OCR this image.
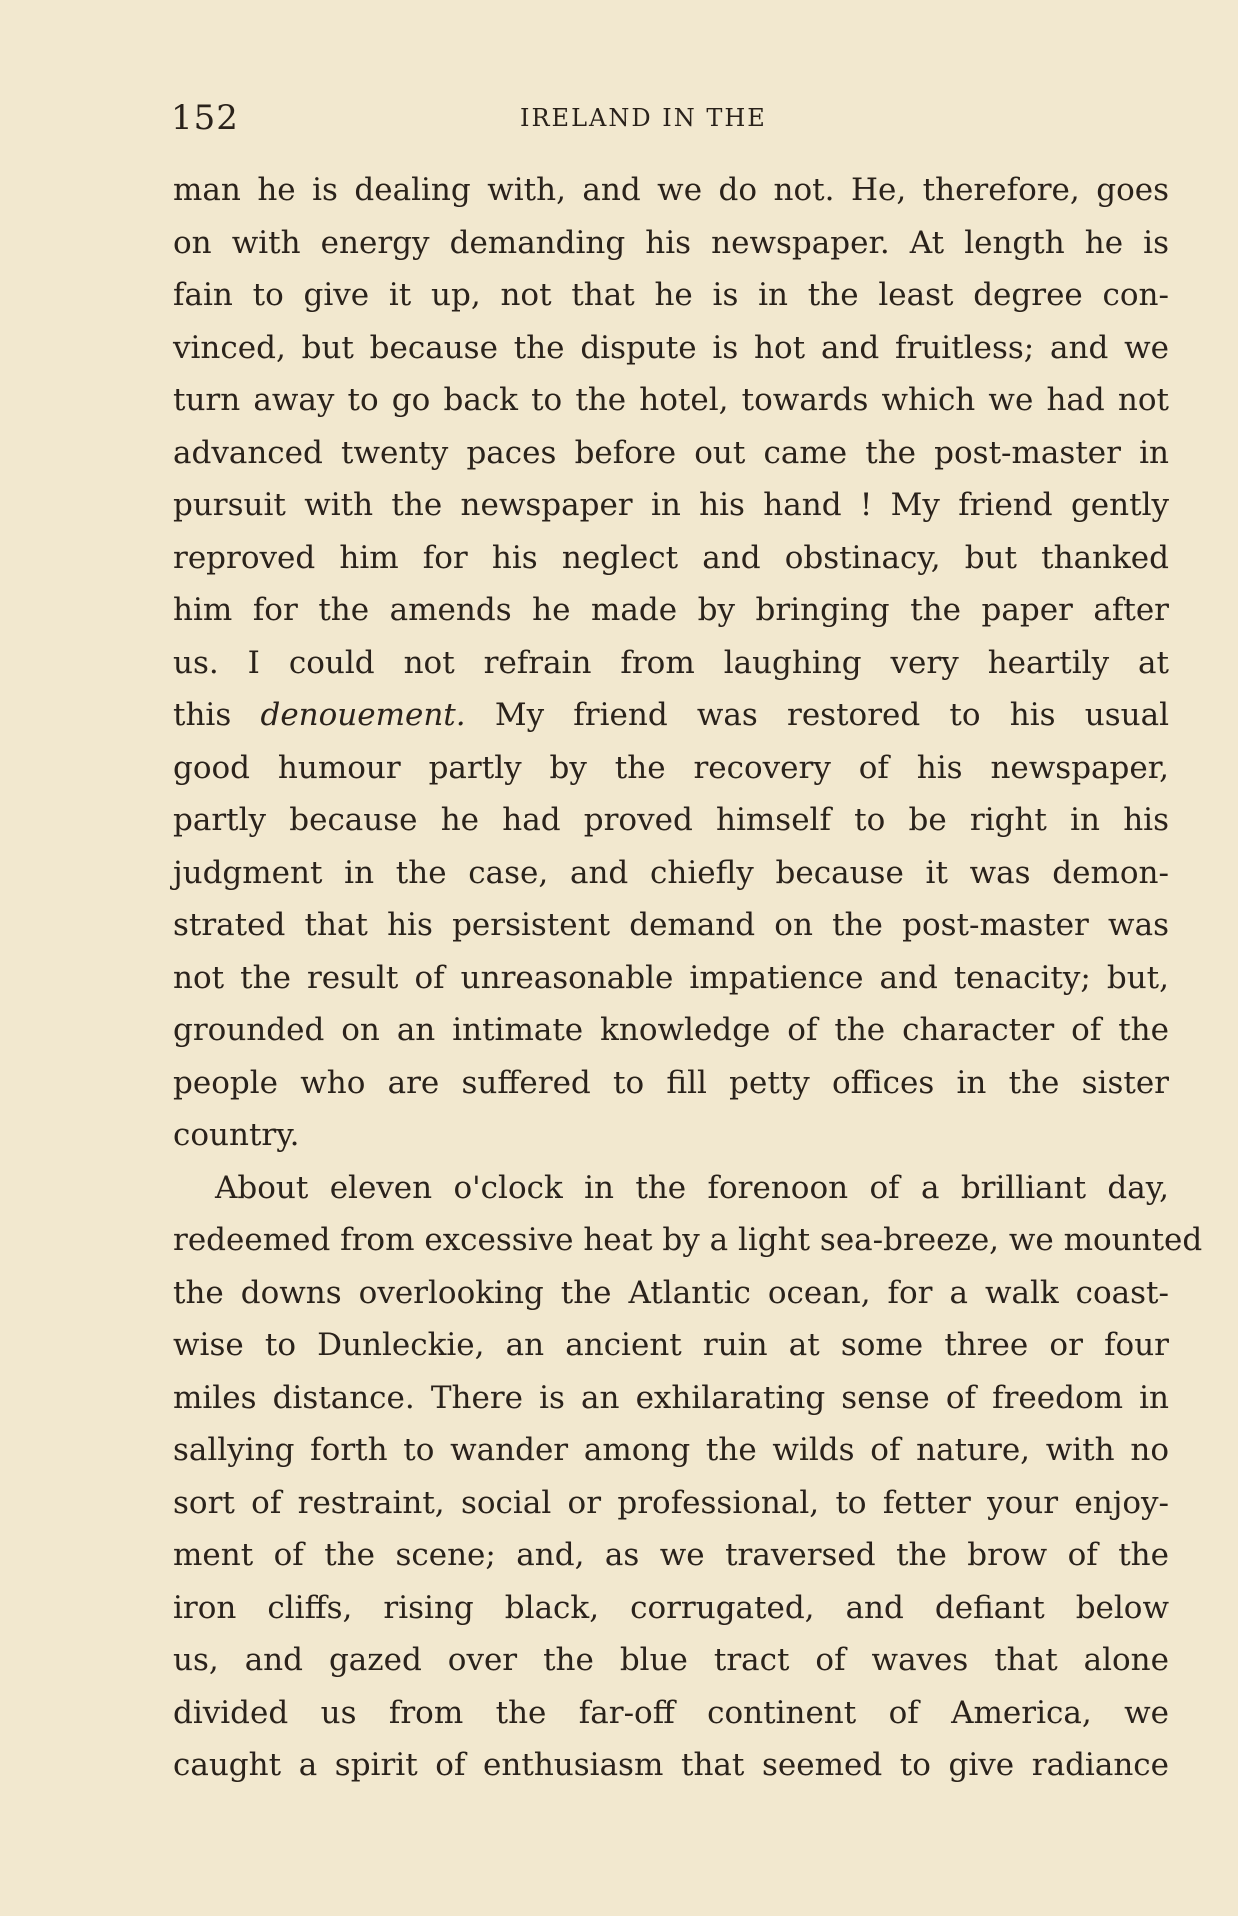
152	IRELAND IN THE
man he is dealing with, and we do not. He, therefore, goes
on with energy demanding his newspaper. At length he is
fain to give it up, not that he is in the least degree con-
vinced, but because the dispute is hot and fruitless; and we
turn away to go back to the hotel, towards which we had not
advanced twenty paces before out came the post-master in
pursuit with the newspaper in his hand ! My friend gently
reproved him for his neglect and obstinacy, but thanked
him for the amends he made by bringing the paper after
us. I could not refrain from laughing very heartily at
this denouement. My friend was restored to his usual
good humour partly by the recovery of his newspaper,
partly because he had proved himself to be right in his
judgment in the case, and chiefly because it was demon-
strated that his persistent demand on the post-master was
not the result of unreasonable impatience and tenacity; but,
grounded on an intimate knowledge of the character of the
people who are suffered to fill petty offices in the sister
country.
About eleven o'clock in the forenoon of a brilliant day,
redeemed from excessive heat by a light sea-breeze, we mounted
the downs overlooking the Atlantic ocean, for a walk coast-
wise to Dunleckie, an ancient ruin at some three or four
miles distance. There is an exhilarating sense of freedom in
sallying forth to wander among the wilds of nature, with no
sort of restraint, social or professional, to fetter your enjoy-
ment of the scene; and, as we traversed the brow of the
iron cliffs, rising black, corrugated, and defiant below
us, and gazed over the blue tract of waves that alone
divided us from the far-off continent of America, we
caught a spirit of enthusiasm that seemed to give radiance
